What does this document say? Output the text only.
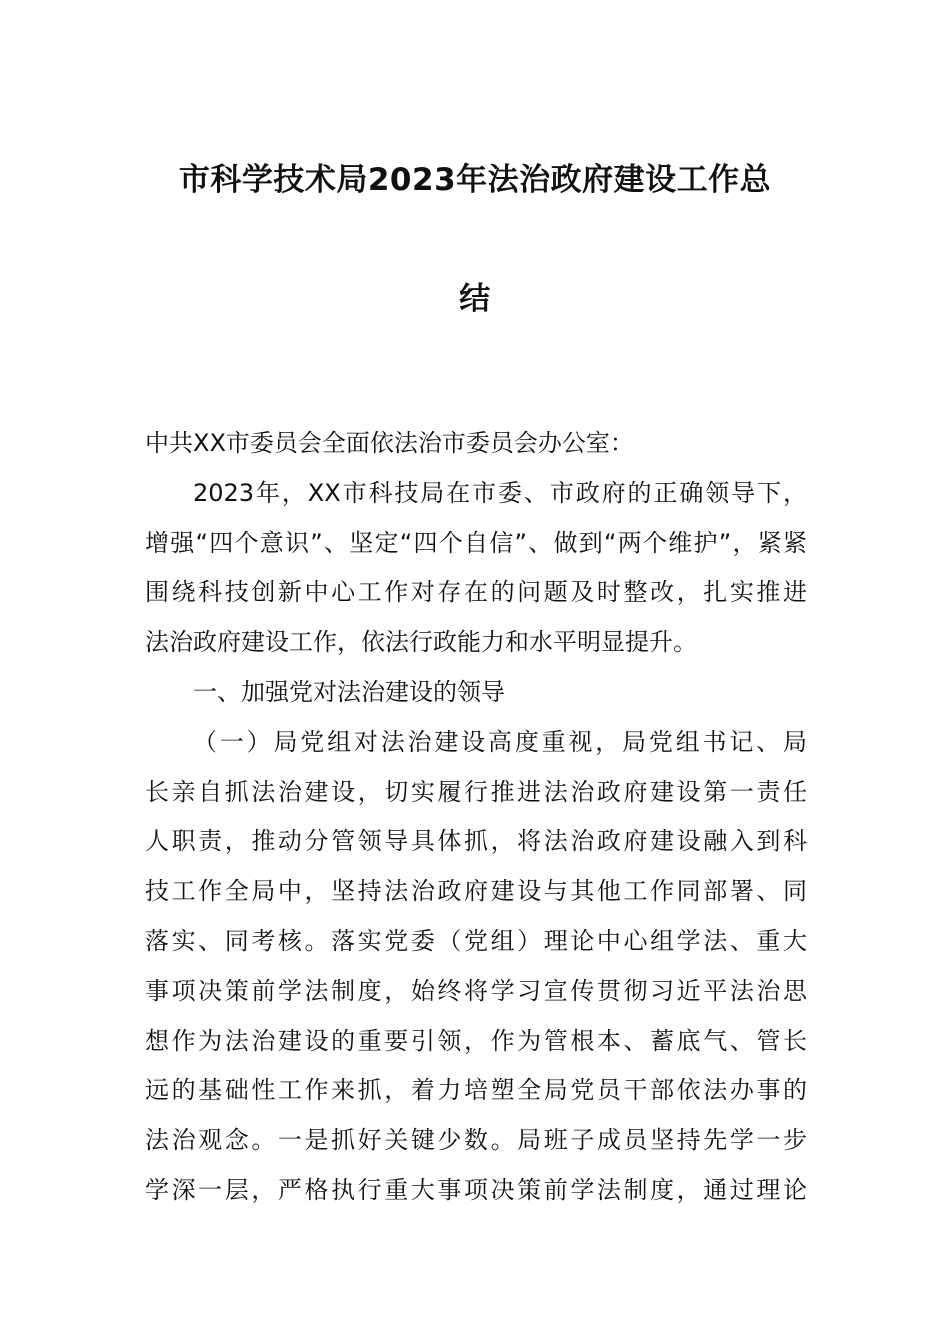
市科学技术局2023年法治政府建设工作总
结
中共XX市委员会全面依法治市委员会办公室：
2023年，XX市科技局在市委、市政府的正确领导下，
增强“四个意识”、坚定“四个自信”、做到“两个维护”，紧紧
围绕科技创新中心工作对存在的问题及时整改，扎实推进
法治政府建设工作，依法行政能力和水平明显提升。
一、加强党对法治建设的领导
（一）局党组对法治建设高度重视，局党组书记、局
长亲自抓法治建设，切实履行推进法治政府建设第一责任
人职责，推动分管领导具体抓，将法治政府建设融入到科
技工作全局中，坚持法治政府建设与其他工作同部署、同
落实、同考核。落实党委（党组）理论中心组学法、重大
事项决策前学法制度，始终将学习宣传贯彻习近平法治思
想作为法治建设的重要引领，作为管根本、蓄底气、管长
远的基础性工作来抓，着力培塑全局党员干部依法办事的
法治观念。一是抓好关键少数。局班子成员坚持先学一步
学深一层，严格执行重大事项决策前学法制度，通过理论
